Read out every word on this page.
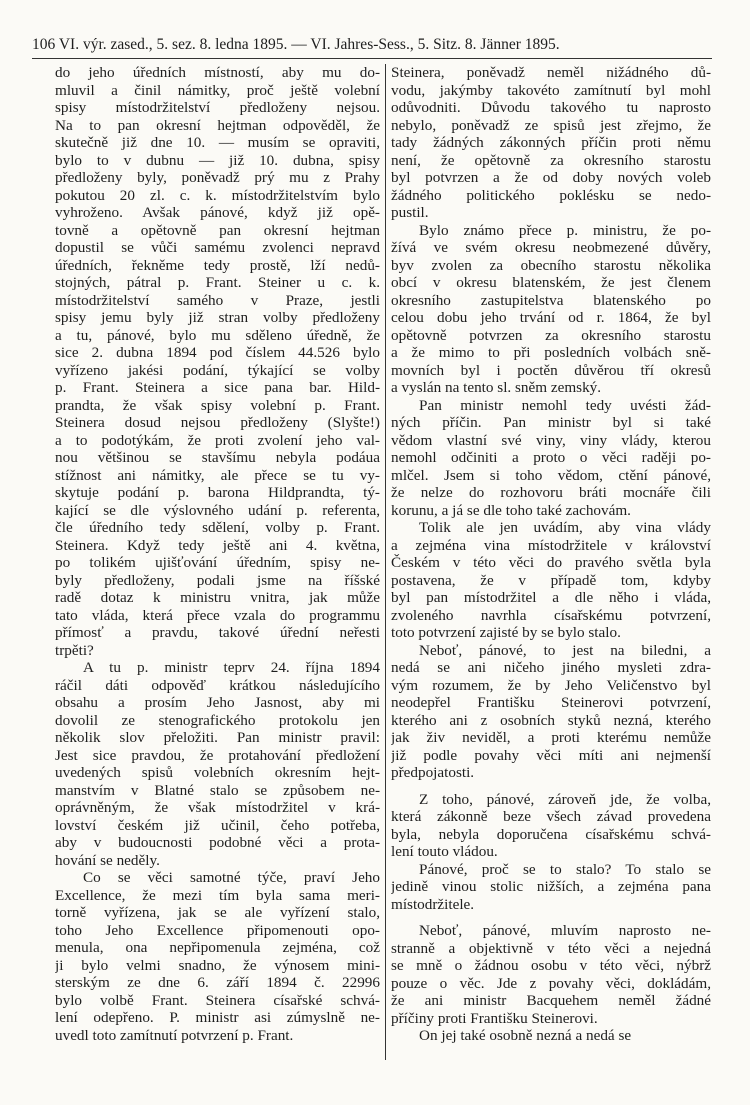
106 VI. výr. zased., 5. sez. 8. ledna 1895. — VI. Jahres-Sess., 5. Sitz. 8. Jänner 1895.
do jeho úředních místností, aby mu do-
mluvil a činil námitky, proč ještě volební
spisy místodržitelství předloženy nejsou.
Na to pan okresní hejtman odpověděl, že
skutečně již dne 10. — musím se opraviti,
bylo to v dubnu — již 10. dubna, spisy
předloženy byly, poněvadž prý mu z Prahy
pokutou 20 zl. c. k. místodržitelstvím bylo
vyhroženo. Avšak pánové, když již opě-
tovně a opětovně pan okresní hejtman
dopustil se vůči samému zvolenci nepravd
úředních, řekněme tedy prostě, lží nedů-
stojných, pátral p. Frant. Steiner u c. k.
místodržitelství samého v Praze, jestli
spisy jemu byly již stran volby předloženy
a tu, pánové, bylo mu sděleno úředně, že
sice 2. dubna 1894 pod číslem 44.526 bylo
vyřízeno jakési podání, týkající se volby
p. Frant. Steinera a sice pana bar. Hild-
prandta, že však spisy volební p. Frant.
Steinera dosud nejsou předloženy (Slyšte!)
a to podotýkám, že proti zvolení jeho val-
nou většinou se stavšímu nebyla podáua
stížnost ani námitky, ale přece se tu vy-
skytuje podání p. barona Hildprandta, tý-
kající se dle výslovného udání p. referenta,
čle úředního tedy sdělení, volby p. Frant.
Steinera. Když tedy ještě ani 4. května,
po tolikém ujišťování úředním, spisy ne-
byly předloženy, podali jsme na říšské
radě dotaz k ministru vnitra, jak může
tato vláda, která přece vzala do programmu
přímosť a pravdu, takové úřední neřesti
trpěti?
A tu p. ministr teprv 24. října 1894
ráčil dáti odpověď krátkou následujícího
obsahu a prosím Jeho Jasnost, aby mi
dovolil ze stenografického protokolu jen
několik slov přeložiti. Pan ministr pravil:
Jest sice pravdou, že protahování předložení
uvedených spisů volebních okresním hejt-
manstvím v Blatné stalo se způsobem ne-
oprávněným, že však místodržitel v krá-
lovství českém již učinil, čeho potřeba,
aby v budoucnosti podobné věci a prota-
hování se neděly.
Co se věci samotné týče, praví Jeho
Excellence, že mezi tím byla sama meri-
torně vyřízena, jak se ale vyřízení stalo,
toho Jeho Excellence připomenouti opo-
menula, ona nepřipomenula zejména, což
ji bylo velmi snadno, že výnosem mini-
sterským ze dne 6. září 1894 č. 22996
bylo volbě Frant. Steinera císařské schvá-
lení odepřeno. P. ministr asi zúmyslně ne-
uvedl toto zamítnutí potvrzení p. Frant.
Steinera, poněvadž neměl nižádného dů-
vodu, jakýmby takovéto zamítnutí byl mohl
odůvodniti. Důvodu takového tu naprosto
nebylo, poněvadž ze spisů jest zřejmo, že
tady žádných zákonných příčin proti němu
není, že opětovně za okresního starostu
byl potvrzen a že od doby nových voleb
žádného politického poklésku se nedo-
pustil.
Bylo známo přece p. ministru, že po-
žívá ve svém okresu neobmezené důvěry,
byv zvolen za obecního starostu několika
obcí v okresu blatenském, že jest členem
okresního zastupitelstva blatenského po
celou dobu jeho trvání od r. 1864, že byl
opětovně potvrzen za okresního starostu
a že mimo to při posledních volbách sně-
movních byl i poctěn důvěrou tří okresů
a vyslán na tento sl. sněm zemský.
Pan ministr nemohl tedy uvésti žád-
ných příčin. Pan ministr byl si také
vědom vlastní své viny, viny vlády, kterou
nemohl odčiniti a proto o věci raději po-
mlčel. Jsem si toho vědom, ctění pánové,
že nelze do rozhovoru bráti mocnáře čili
korunu, a já se dle toho také zachovám.
Tolik ale jen uvádím, aby vina vlády
a zejména vina místodržitele v království
Českém v této věci do pravého světla byla
postavena, že v případě tom, kdyby
byl pan místodržitel a dle něho i vláda,
zvoleného navrhla císařskému potvrzení,
toto potvrzení zajisté by se bylo stalo.
Neboť, pánové, to jest na biledni, a
nedá se ani ničeho jiného mysleti zdra-
vým rozumem, že by Jeho Veličenstvo byl
neodepřel Františku Steinerovi potvrzení,
kterého ani z osobních styků nezná, kterého
jak živ neviděl, a proti kterému nemůže
již podle povahy věci míti ani nejmenší
předpojatosti.
Z toho, pánové, zároveň jde, že volba,
která zákonně beze všech závad provedena
byla, nebyla doporučena císařskému schvá-
lení touto vládou.
Pánové, proč se to stalo? To stalo se
jedině vinou stolic nižších, a zejména pana
místodržitele.
Neboť, pánové, mluvím naprosto ne-
stranně a objektivně v této věci a nejedná
se mně o žádnou osobu v této věci, nýbrž
pouze o věc. Jde z povahy věci, dokládám,
že ani ministr Bacquehem neměl žádné
příčiny proti Františku Steinerovi.
On jej také osobně nezná a nedá se
